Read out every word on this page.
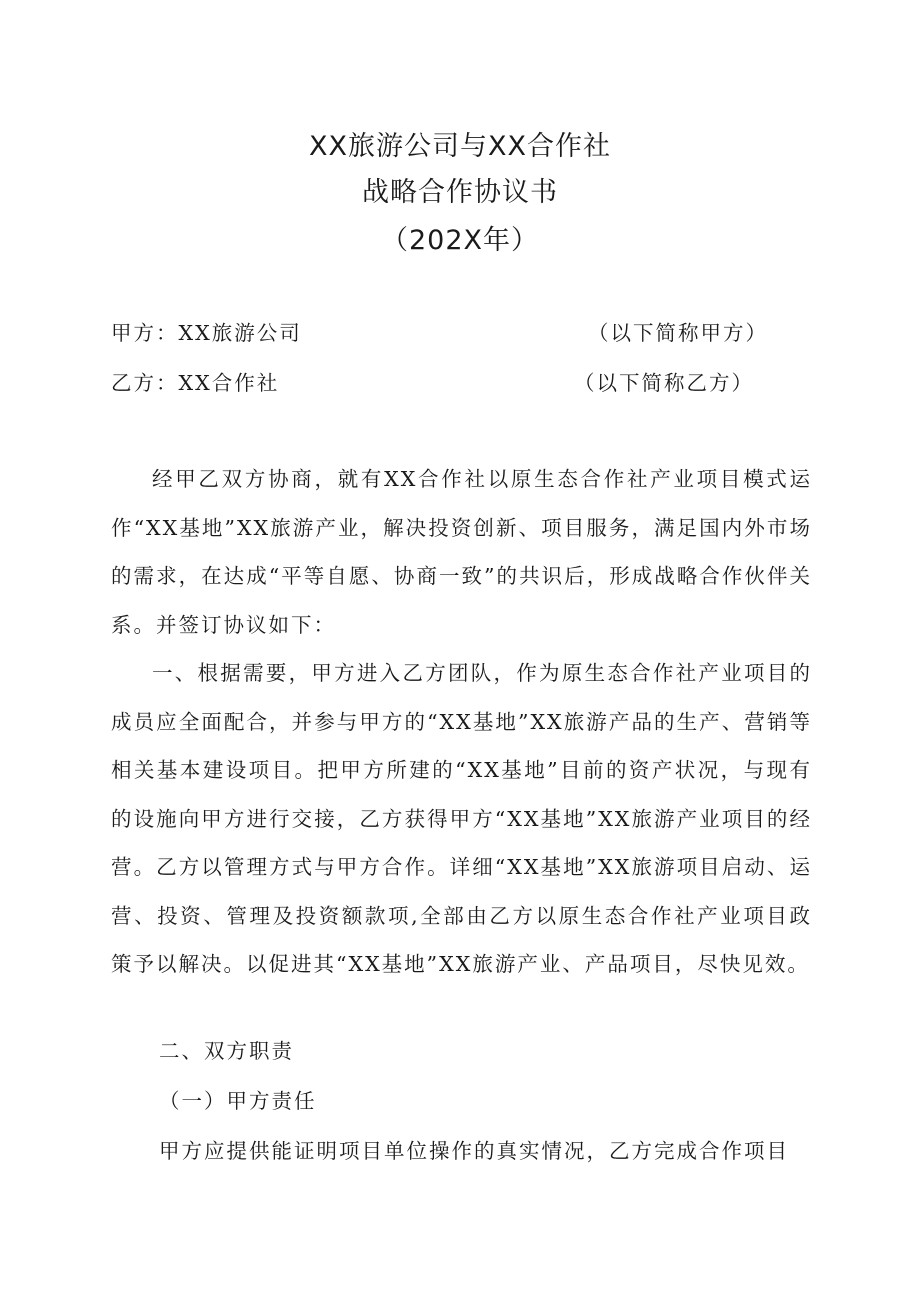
XX旅游公司与XX合作社
战略合作协议书
（202X年）
甲方：XX旅游公司	（以下简称甲方）
乙方：XX合作社	（以下简称乙方）
经甲乙双方协商，就有XX合作社以原生态合作社产业项目模式运作“XX基地”XX旅游产业，解决投资创新、项目服务，满足国内外市场的需求，在达成“平等自愿、协商一致”的共识后，形成战略合作伙伴关系。并签订协议如下：
一、根据需要，甲方进入乙方团队，作为原生态合作社产业项目的成员应全面配合，并参与甲方的“XX基地”XX旅游产品的生产、营销等相关基本建设项目。把甲方所建的“XX基地”目前的资产状况，与现有的设施向甲方进行交接，乙方获得甲方“XX基地”XX旅游产业项目的经营。乙方以管理方式与甲方合作。详细“XX基地”XX旅游项目启动、运营、投资、管理及投资额款项,全部由乙方以原生态合作社产业项目政策予以解决。以促进其“XX基地”XX旅游产业、产品项目，尽快见效。
二、双方职责
（一）甲方责任
甲方应提供能证明项目单位操作的真实情况，乙方完成合作项目
